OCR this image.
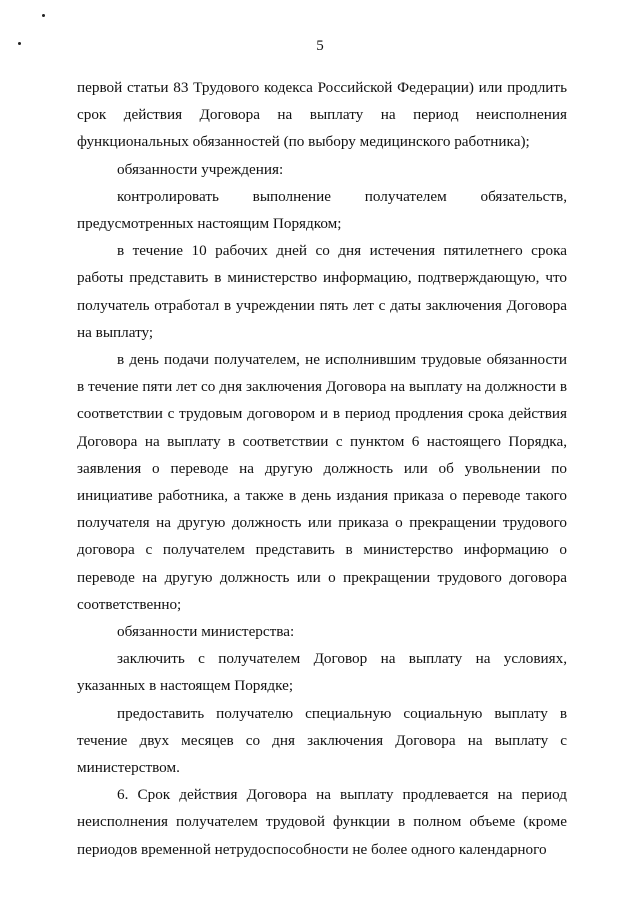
5

первой статьи 83 Трудового кодекса Российской Федерации) или продлить срок действия Договора на выплату на период неисполнения функциональных обязанностей (по выбору медицинского работника);

обязанности учреждения:

контролировать выполнение получателем обязательств, предусмотренных настоящим Порядком;

в течение 10 рабочих дней со дня истечения пятилетнего срока работы представить в министерство информацию, подтверждающую, что получатель отработал в учреждении пять лет с даты заключения Договора на выплату;

в день подачи получателем, не исполнившим трудовые обязанности в течение пяти лет со дня заключения Договора на выплату на должности в соответствии с трудовым договором и в период продления срока действия Договора на выплату в соответствии с пунктом 6 настоящего Порядка, заявления о переводе на другую должность или об увольнении по инициативе работника, а также в день издания приказа о переводе такого получателя на другую должность или приказа о прекращении трудового договора с получателем представить в министерство информацию о переводе на другую должность или о прекращении трудового договора соответственно;

обязанности министерства:

заключить с получателем Договор на выплату на условиях, указанных в настоящем Порядке;

предоставить получателю специальную социальную выплату в течение двух месяцев со дня заключения Договора на выплату с министерством.

6. Срок действия Договора на выплату продлевается на период неисполнения получателем трудовой функции в полном объеме (кроме периодов временной нетрудоспособности не более одного календарного
